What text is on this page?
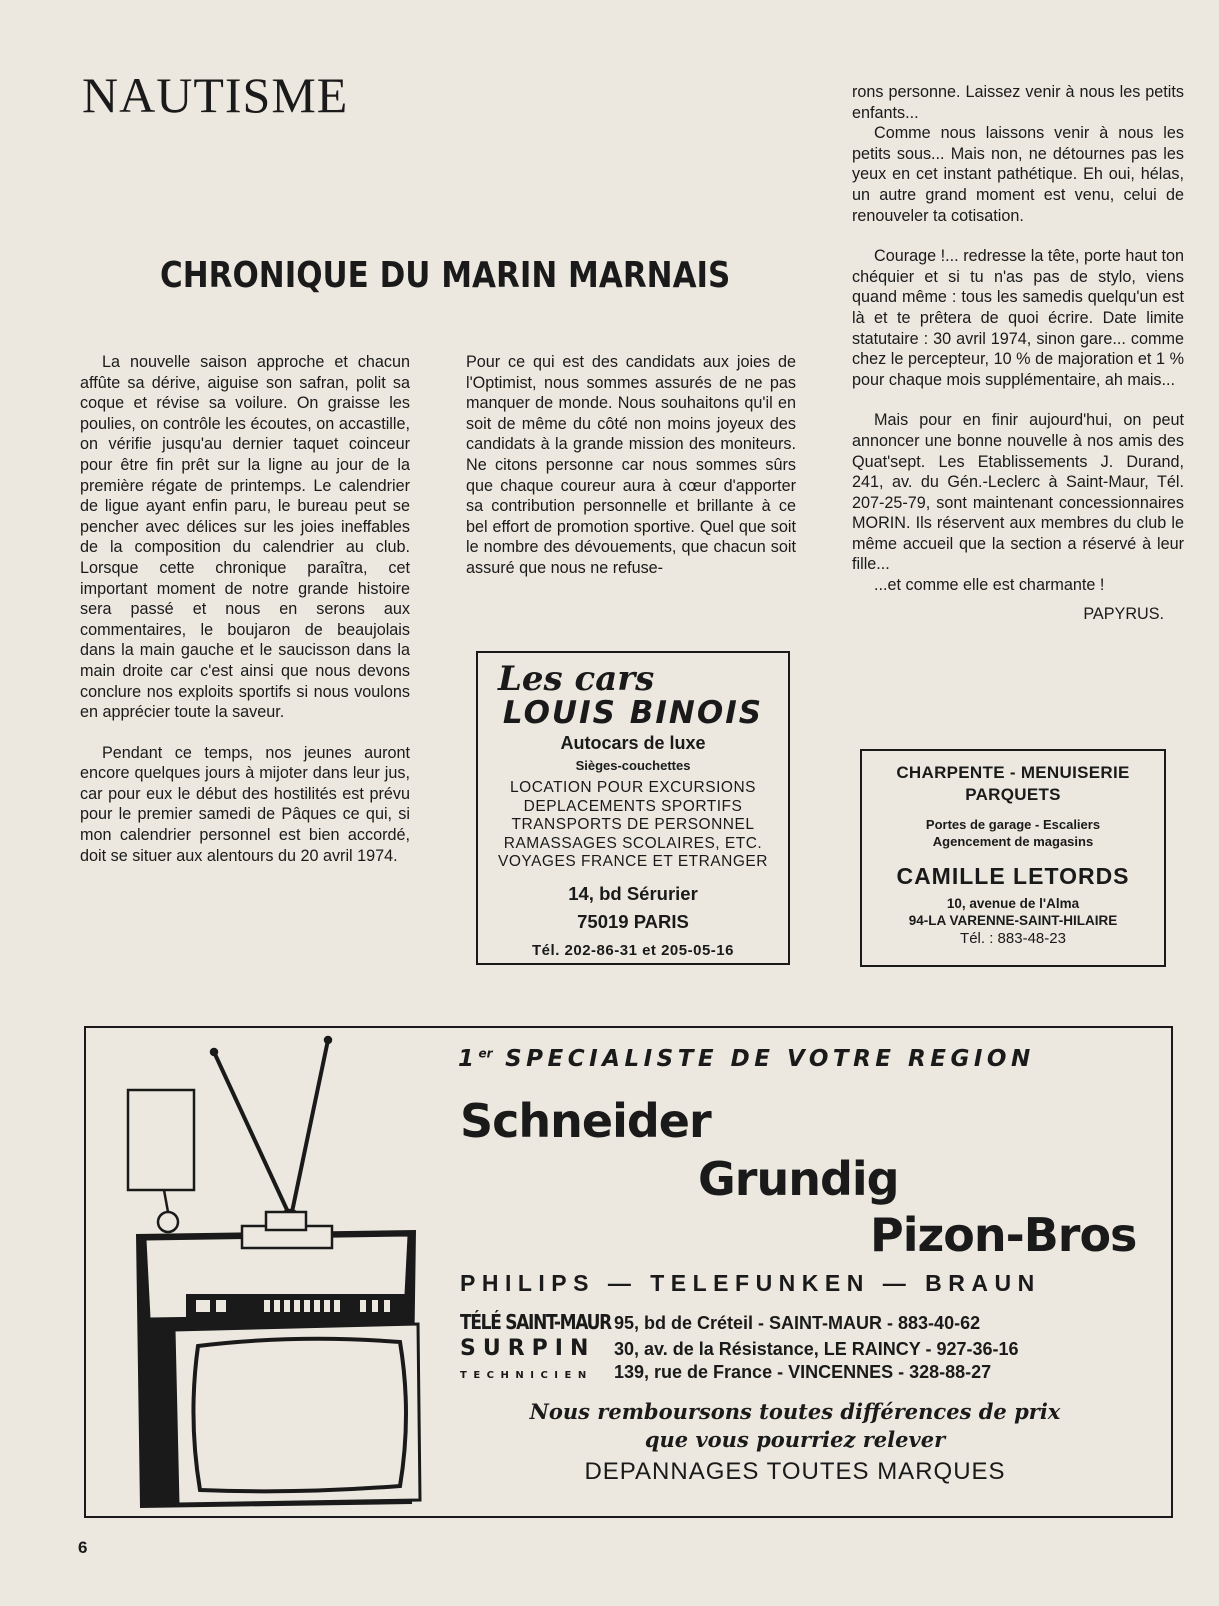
NAUTISME
CHRONIQUE DU MARIN MARNAIS

La nouvelle saison approche et chacun affûte sa dérive, aiguise son safran, polit sa coque et révise sa voilure. On graisse les poulies, on contrôle les écoutes, on accastille, on vérifie jusqu'au dernier taquet coinceur pour être fin prêt sur la ligne au jour de la première régate de printemps. Le calendrier de ligue ayant enfin paru, le bureau peut se pencher avec délices sur les joies ineffables de la composition du calendrier au club. Lorsque cette chronique paraîtra, cet important moment de notre grande histoire sera passé et nous en serons aux commentaires, le boujaron de beaujolais dans la main gauche et le saucisson dans la main droite car c'est ainsi que nous devons conclure nos exploits sportifs si nous voulons en apprécier toute la saveur.

Pendant ce temps, nos jeunes auront encore quelques jours à mijoter dans leur jus, car pour eux le début des hostilités est prévu pour le premier samedi de Pâques ce qui, si mon calendrier personnel est bien accordé, doit se situer aux alentours du 20 avril 1974.

Pour ce qui est des candidats aux joies de l'Optimist, nous sommes assurés de ne pas manquer de monde. Nous souhaitons qu'il en soit de même du côté non moins joyeux des candidats à la grande mission des moniteurs. Ne citons personne car nous sommes sûrs que chaque coureur aura à cœur d'apporter sa contribution personnelle et brillante à ce bel effort de promotion sportive. Quel que soit le nombre des dévouements, que chacun soit assuré que nous ne refuse-

rons personne. Laissez venir à nous les petits enfants...

Comme nous laissons venir à nous les petits sous... Mais non, ne détournes pas les yeux en cet instant pathétique. Eh oui, hélas, un autre grand moment est venu, celui de renouveler ta cotisation.

Courage !... redresse la tête, porte haut ton chéquier et si tu n'as pas de stylo, viens quand même : tous les samedis quelqu'un est là et te prêtera de quoi écrire. Date limite statutaire : 30 avril 1974, sinon gare... comme chez le percepteur, 10 % de majoration et 1 % pour chaque mois supplémentaire, ah mais...

Mais pour en finir aujourd'hui, on peut annoncer une bonne nouvelle à nos amis des Quat'sept. Les Etablissements J. Durand, 241, av. du Gén.-Leclerc à Saint-Maur, Tél. 207-25-79, sont maintenant concessionnaires MORIN. Ils réservent aux membres du club le même accueil que la section a réservé à leur fille...

...et comme elle est charmante !

PAPYRUS.

Les cars
LOUIS BINOIS
Autocars de luxe
Sièges-couchettes
LOCATION POUR EXCURSIONS
DEPLACEMENTS SPORTIFS
TRANSPORTS DE PERSONNEL
RAMASSAGES SCOLAIRES, ETC.
VOYAGES FRANCE ET ETRANGER
14, bd Sérurier
75019 PARIS
Tél. 202-86-31 et 205-05-16
CHARPENTE - MENUISERIE
PARQUETS
Portes de garage - Escaliers
Agencement de magasins
CAMILLE LETORDS
10, avenue de l'Alma
94-LA VARENNE-SAINT-HILAIRE
Tél. : 883-48-23
1er SPECIALISTE DE VOTRE REGION
Schneider
Grundig
Pizon-Bros
PHILIPS — TELEFUNKEN — BRAUN
TÉLÉ SAINT-MAUR 95, bd de Créteil - SAINT-MAUR - 883-40-62
SURPIN	30, av. de la Résistance, LE RAINCY - 927-36-16
TECHNICIEN	139, rue de France - VINCENNES - 328-88-27
Nous remboursons toutes différences de prix
que vous pourriez relever
DEPANNAGES TOUTES MARQUES
6
